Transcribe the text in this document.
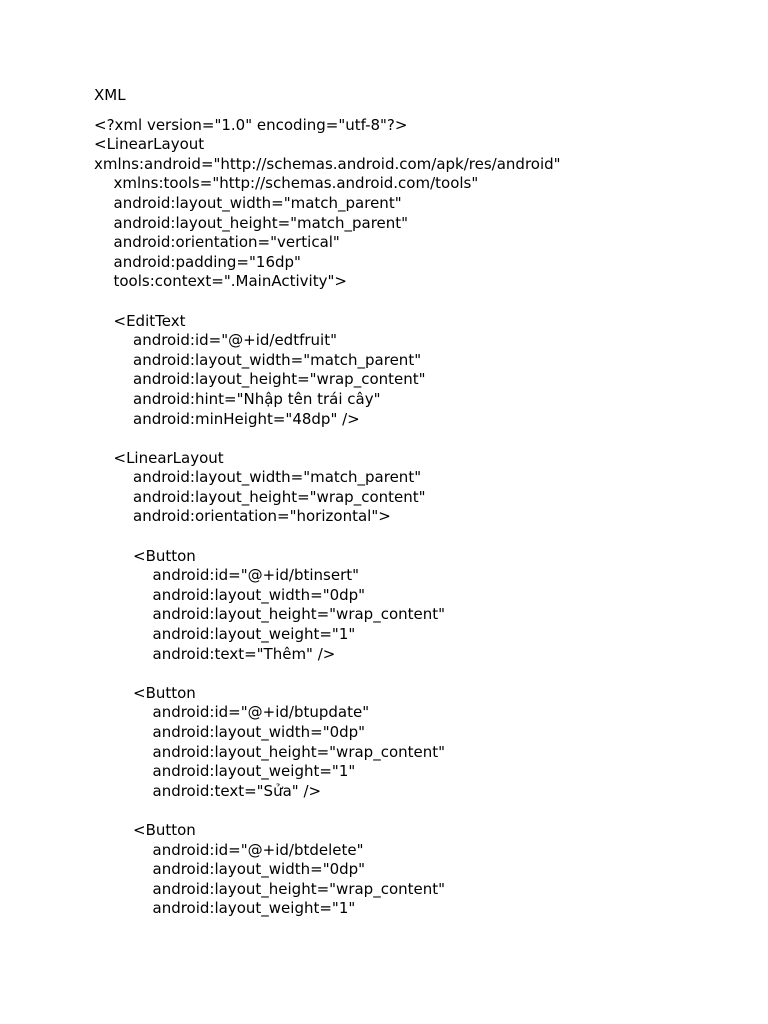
XML
<?xml version="1.0" encoding="utf-8"?>
<LinearLayout
xmlns:android="http://schemas.android.com/apk/res/android"
xmlns:tools="http://schemas.android.com/tools"
android:layout_width="match_parent"
android:layout_height="match_parent"
android:orientation="vertical"
android:padding="16dp"
tools:context=".MainActivity">
<EditText
android:id="@+id/edtfruit"
android:layout_width="match_parent"
android:layout_height="wrap_content"
android:hint="Nhập tên trái cây"
android:minHeight="48dp" />
<LinearLayout
android:layout_width="match_parent"
android:layout_height="wrap_content"
android:orientation="horizontal">
<Button
android:id="@+id/btinsert"
android:layout_width="0dp"
android:layout_height="wrap_content"
android:layout_weight="1"
android:text="Thêm" />
<Button
android:id="@+id/btupdate"
android:layout_width="0dp"
android:layout_height="wrap_content"
android:layout_weight="1"
android:text="Sửa" />
<Button
android:id="@+id/btdelete"
android:layout_width="0dp"
android:layout_height="wrap_content"
android:layout_weight="1"
